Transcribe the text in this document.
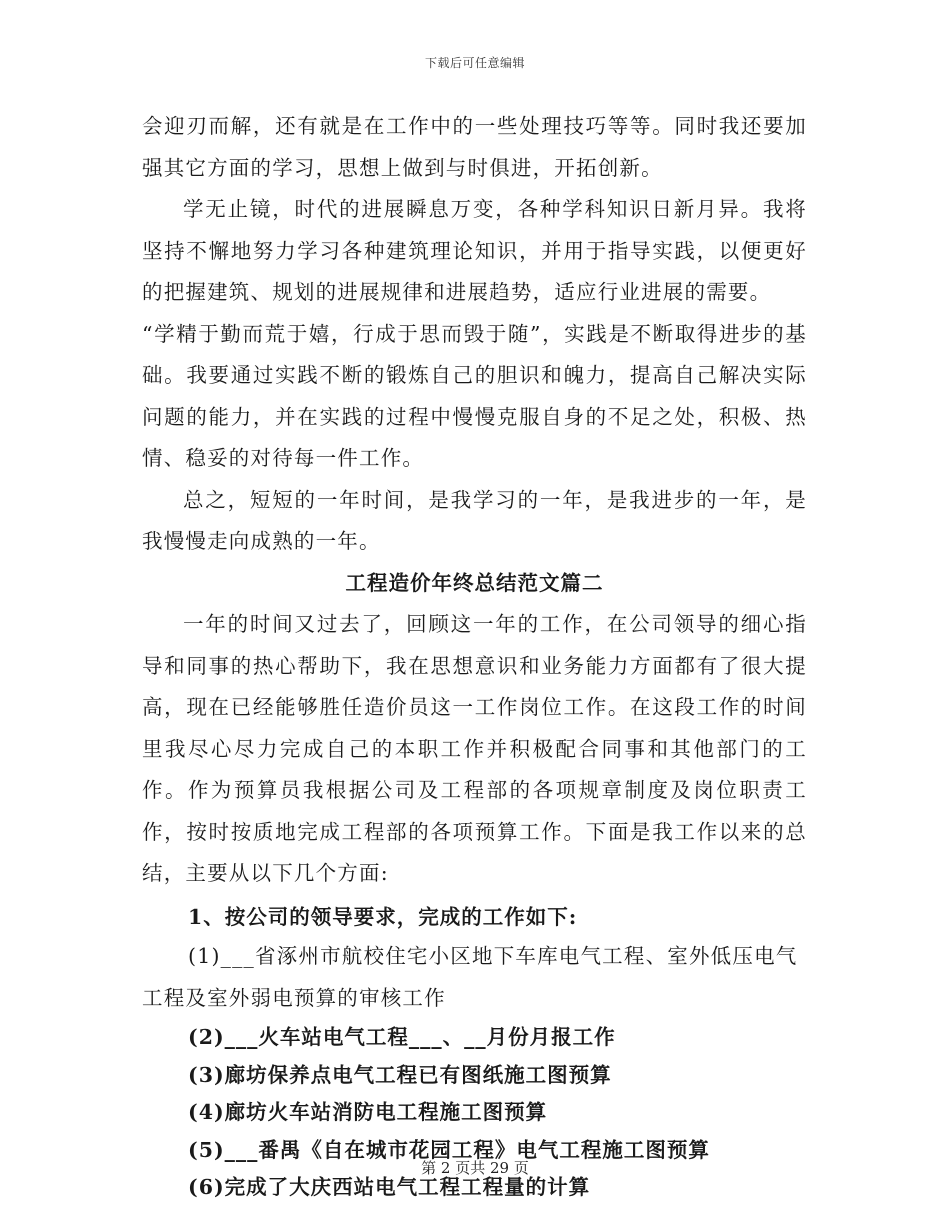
下载后可任意编辑

会迎刃而解，还有就是在工作中的一些处理技巧等等。同时我还要加强其它方面的学习，思想上做到与时俱进，开拓创新。

学无止镜，时代的进展瞬息万变，各种学科知识日新月异。我将坚持不懈地努力学习各种建筑理论知识，并用于指导实践，以便更好的把握建筑、规划的进展规律和进展趋势，适应行业进展的需要。

“学精于勤而荒于嬉，行成于思而毁于随”，实践是不断取得进步的基础。我要通过实践不断的锻炼自己的胆识和魄力，提高自己解决实际问题的能力，并在实践的过程中慢慢克服自身的不足之处，积极、热情、稳妥的对待每一件工作。

总之，短短的一年时间，是我学习的一年，是我进步的一年，是我慢慢走向成熟的一年。

工程造价年终总结范文篇二

一年的时间又过去了，回顾这一年的工作，在公司领导的细心指导和同事的热心帮助下，我在思想意识和业务能力方面都有了很大提高，现在已经能够胜任造价员这一工作岗位工作。在这段工作的时间里我尽心尽力完成自己的本职工作并积极配合同事和其他部门的工作。作为预算员我根据公司及工程部的各项规章制度及岗位职责工作，按时按质地完成工程部的各项预算工作。下面是我工作以来的总结，主要从以下几个方面:

1、按公司的领导要求，完成的工作如下:

(1)___省涿州市航校住宅小区地下车库电气工程、室外低压电气工程及室外弱电预算的审核工作

(2)___火车站电气工程___、__月份月报工作

(3)廊坊保养点电气工程已有图纸施工图预算

(4)廊坊火车站消防电工程施工图预算

(5)___番禺《自在城市花园工程》电气工程施工图预算

(6)完成了大庆西站电气工程工程量的计算

第 2 页共 29 页
